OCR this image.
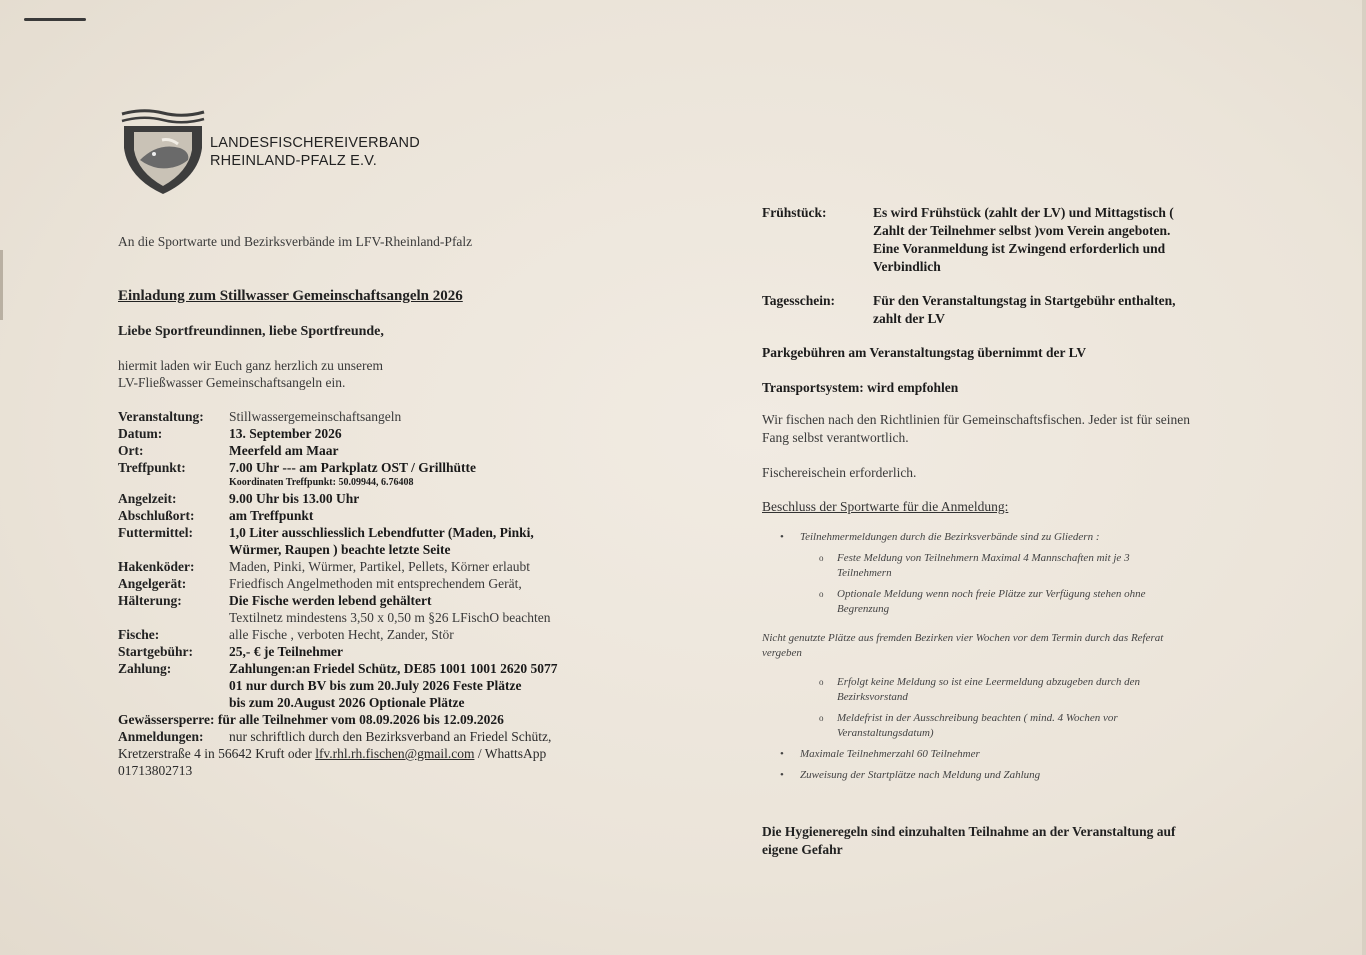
LANDESFISCHEREIVERBAND
RHEINLAND-PFALZ E.V.
An die Sportwarte und Bezirksverbände im LFV-Rheinland-Pfalz
Einladung zum Stillwasser Gemeinschaftsangeln 2026
Liebe Sportfreundinnen, liebe Sportfreunde,
hiermit laden wir Euch ganz herzlich zu unserem
LV-Fließwasser Gemeinschaftsangeln ein.
Veranstaltung: Stillwassergemeinschaftsangeln
Datum:	13. September 2026
Ort:	Meerfeld am Maar
Treffpunkt:	7.00 Uhr --- am Parkplatz OST / Grillhütte
Koordinaten Treffpunkt: 50.09944, 6.76408
Angelzeit:	9.00 Uhr bis 13.00 Uhr
Abschlußort:	am Treffpunkt
Futtermittel:	1,0 Liter ausschliesslich Lebendfutter (Maden, Pinki,
Würmer, Raupen ) beachte letzte Seite
Hakenköder:	Maden, Pinki, Würmer, Partikel, Pellets, Körner erlaubt
Angelgerät:	Friedfisch Angelmethoden mit entsprechendem Gerät,
Hälterung:	Die Fische werden lebend gehältert
Textilnetz mindestens 3,50 x 0,50 m §26 LFischO beachten
Fische:	alle Fische , verboten Hecht, Zander, Stör
Startgebühr:	25,- € je Teilnehmer
Zahlung:	Zahlungen:an Friedel Schütz, DE85 1001 1001 2620 5077
01 nur durch BV bis zum 20.July 2026 Feste Plätze
bis zum 20.August 2026 Optionale Plätze
Gewässersperre: für alle Teilnehmer vom 08.09.2026 bis 12.09.2026
Anmeldungen: nur schriftlich durch den Bezirksverband an Friedel Schütz,
Kretzerstraße 4 in 56642 Kruft oder lfv.rhl.rh.fischen@gmail.com / WhattsApp
01713802713
Frühstück:	Es wird Frühstück (zahlt der LV) und Mittagstisch (
Zahlt der Teilnehmer selbst )vom Verein angeboten.
Eine Voranmeldung ist Zwingend erforderlich und
Verbindlich
Tagesschein:	Für den Veranstaltungstag in Startgebühr enthalten,
zahlt der LV
Parkgebühren am Veranstaltungstag übernimmt der LV
Transportsystem: wird empfohlen
Wir fischen nach den Richtlinien für Gemeinschaftsfischen. Jeder ist für seinen
Fang selbst verantwortlich.
Fischereischein erforderlich.
Beschluss der Sportwarte für die Anmeldung:
• Teilnehmermeldungen durch die Bezirksverbände sind zu Gliedern :
o Feste Meldung von Teilnehmern Maximal 4 Mannschaften mit je 3
Teilnehmern
o Optionale Meldung wenn noch freie Plätze zur Verfügung stehen ohne
Begrenzung
Nicht genutzte Plätze aus fremden Bezirken vier Wochen vor dem Termin durch das Referat
vergeben
o Erfolgt keine Meldung so ist eine Leermeldung abzugeben durch den
Bezirksvorstand
o Meldefrist in der Ausschreibung beachten ( mind. 4 Wochen vor
Veranstaltungsdatum)
• Maximale Teilnehmerzahl 60 Teilnehmer
• Zuweisung der Startplätze nach Meldung und Zahlung
Die Hygieneregeln sind einzuhalten Teilnahme an der Veranstaltung auf
eigene Gefahr
